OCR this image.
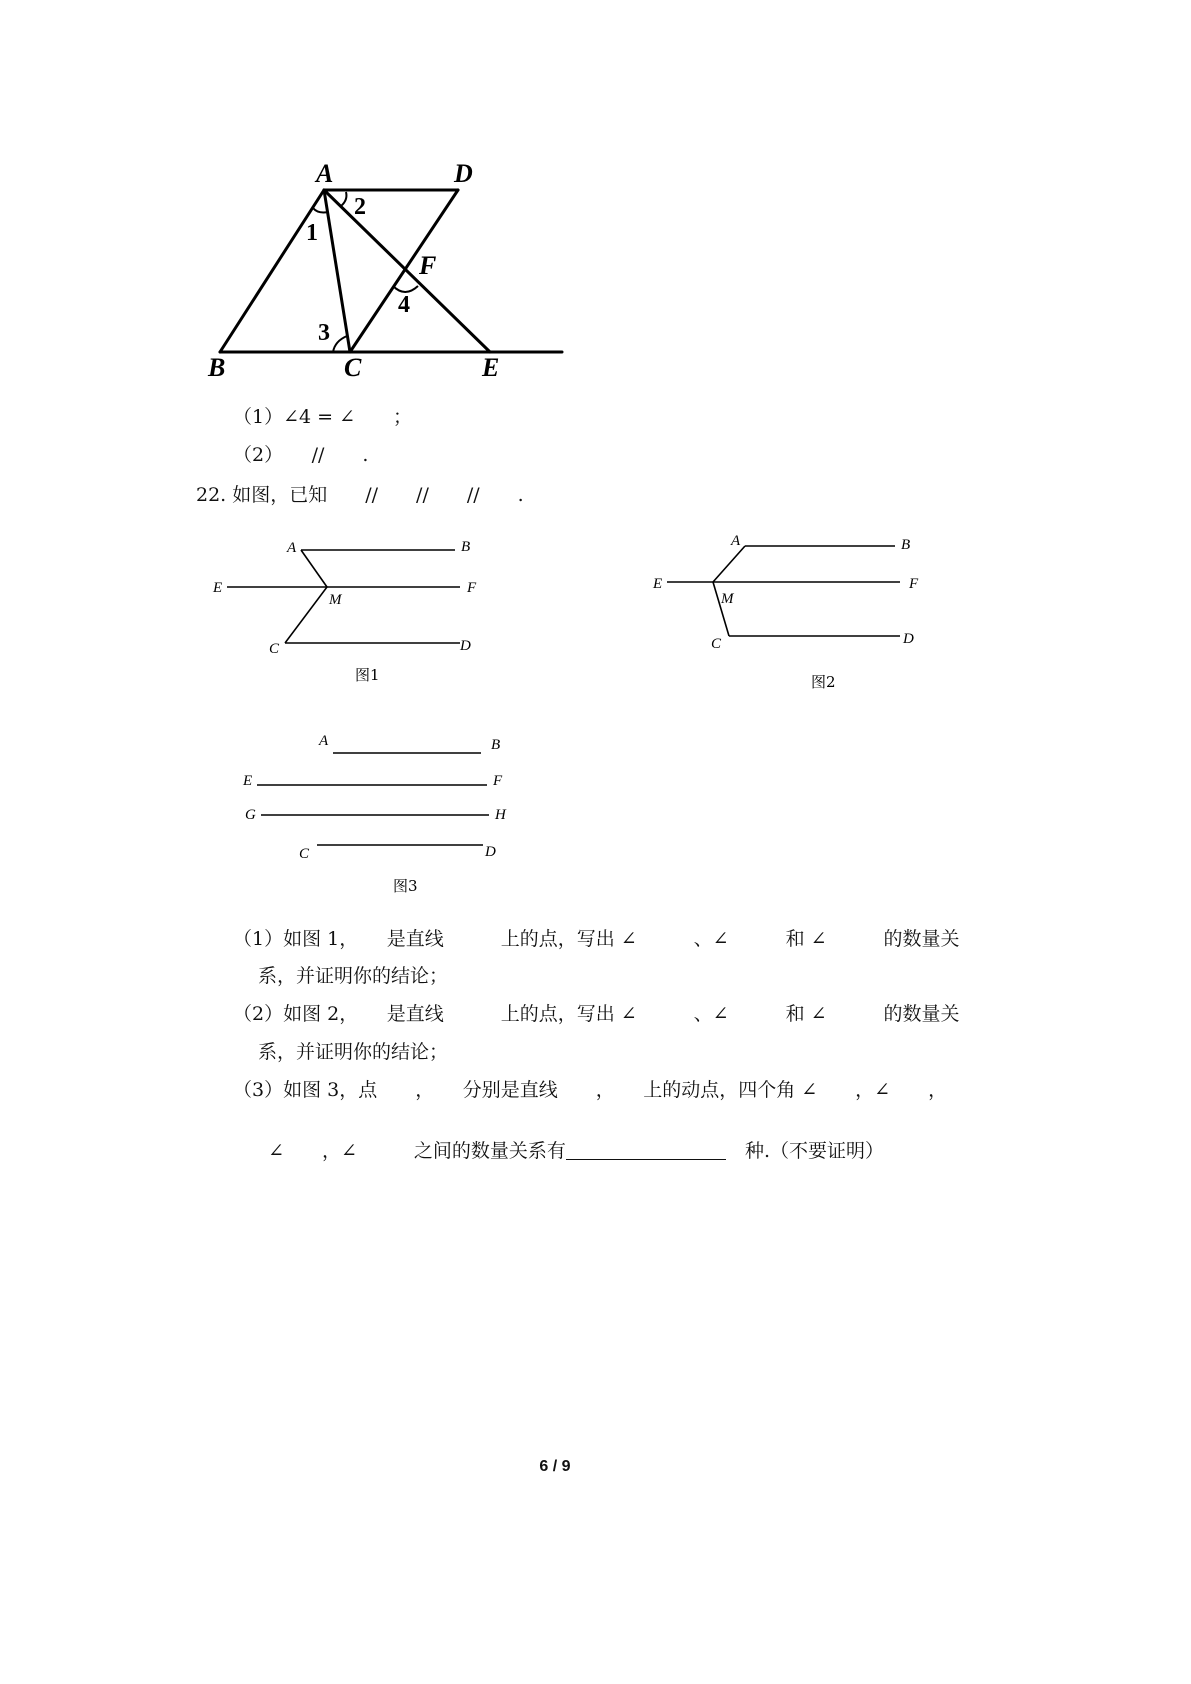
A	D
B	C	E
F
1
2
3
4
（1）∠4 = ∠　　；
（2）　　//　　.
22. 如图，已知　　//　　//　　//　　.
A	B
E	F
M
C	D
图1
A	B
E	F
M
C	D
图2
A	B
E	F
G	H
C	D
图3
（1）如图 1，　　是直线　　　上的点，写出 ∠　　　、∠　　　和 ∠　　　的数量关
系，并证明你的结论；
（2）如图 2，　　是直线　　　上的点，写出 ∠　　　、∠　　　和 ∠　　　的数量关
系，并证明你的结论；
（3）如图 3，点　　，　　分别是直线　　，　　上的动点，四个角 ∠　　，∠　　，

∠　　，∠　　　之间的数量关系有	　种.（不要证明）

6 / 9
